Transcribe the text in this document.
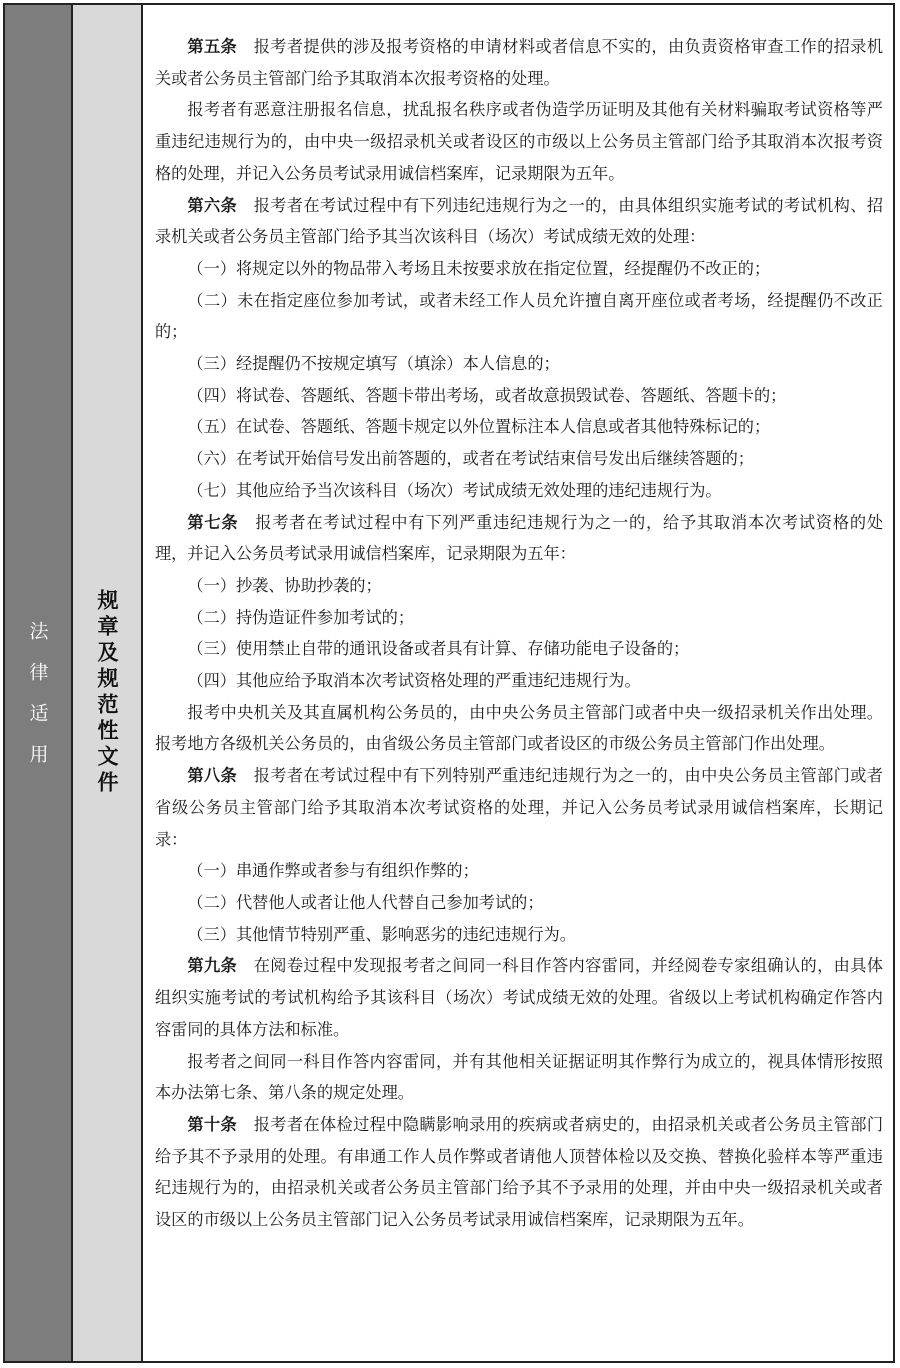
法律适用 规章及规范性文件

第五条　 报考者提供的涉及报考资格的申请材料或者信息不实的，由负责资格审查工作的招录机关或者公务员主管部门给予其取消本次报考资格的处理。

报考者有恶意注册报名信息，扰乱报名秩序或者伪造学历证明及其他有关材料骗取考试资格等严重违纪违规行为的，由中央一级招录机关或者设区的市级以上公务员主管部门给予其取消本次报考资格的处理，并记入公务员考试录用诚信档案库，记录期限为五年。

第六条　 报考者在考试过程中有下列违纪违规行为之一的，由具体组织实施考试的考试机构、招录机关或者公务员主管部门给予其当次该科目（场次）考试成绩无效的处理：

（一）将规定以外的物品带入考场且未按要求放在指定位置，经提醒仍不改正的；

（二）未在指定座位参加考试，或者未经工作人员允许擅自离开座位或者考场，经提醒仍不改正的；

（三）经提醒仍不按规定填写（填涂）本人信息的；

（四）将试卷、答题纸、答题卡带出考场，或者故意损毁试卷、答题纸、答题卡的；

（五）在试卷、答题纸、答题卡规定以外位置标注本人信息或者其他特殊标记的；

（六）在考试开始信号发出前答题的，或者在考试结束信号发出后继续答题的；

（七）其他应给予当次该科目（场次）考试成绩无效处理的违纪违规行为。

第七条　 报考者在考试过程中有下列严重违纪违规行为之一的，给予其取消本次考试资格的处理，并记入公务员考试录用诚信档案库，记录期限为五年：

（一）抄袭、协助抄袭的；

（二）持伪造证件参加考试的；

（三）使用禁止自带的通讯设备或者具有计算、存储功能电子设备的；

（四）其他应给予取消本次考试资格处理的严重违纪违规行为。

报考中央机关及其直属机构公务员的，由中央公务员主管部门或者中央一级招录机关作出处理。报考地方各级机关公务员的，由省级公务员主管部门或者设区的市级公务员主管部门作出处理。

第八条　 报考者在考试过程中有下列特别严重违纪违规行为之一的，由中央公务员主管部门或者省级公务员主管部门给予其取消本次考试资格的处理，并记入公务员考试录用诚信档案库，长期记录：

（一）串通作弊或者参与有组织作弊的；

（二）代替他人或者让他人代替自己参加考试的；

（三）其他情节特别严重、影响恶劣的违纪违规行为。

第九条　 在阅卷过程中发现报考者之间同一科目作答内容雷同，并经阅卷专家组确认的，由具体组织实施考试的考试机构给予其该科目（场次）考试成绩无效的处理。省级以上考试机构确定作答内容雷同的具体方法和标准。

报考者之间同一科目作答内容雷同，并有其他相关证据证明其作弊行为成立的，视具体情形按照本办法第七条、第八条的规定处理。

第十条　 报考者在体检过程中隐瞒影响录用的疾病或者病史的，由招录机关或者公务员主管部门给予其不予录用的处理。有串通工作人员作弊或者请他人顶替体检以及交换、替换化验样本等严重违纪违规行为的，由招录机关或者公务员主管部门给予其不予录用的处理，并由中央一级招录机关或者设区的市级以上公务员主管部门记入公务员考试录用诚信档案库，记录期限为五年。
